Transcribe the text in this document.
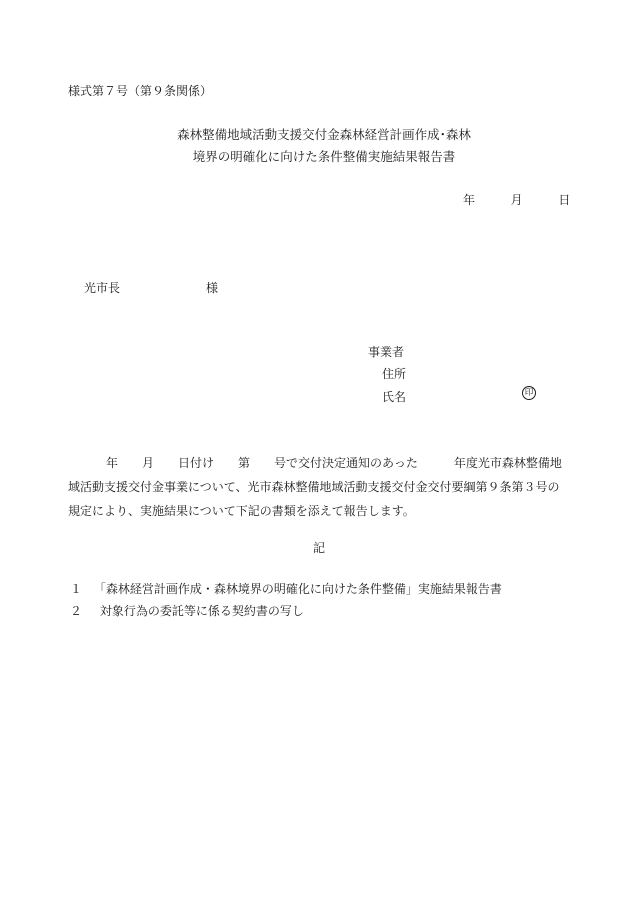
様式第７号（第９条関係）
森林整備地域活動支援交付金森林経営計画作成･森林
境界の明確化に向けた条件整備実施結果報告書
年	月	日
光市長	様
事業者
住所
氏名	印
年　　月　　日付け　　第　　号で交付決定通知のあった　　　年度光市森林整備地
域活動支援交付金事業について、光市森林整備地域活動支援交付金交付要綱第９条第３号の
規定により、実施結果について下記の書類を添えて報告します。
記
１ 「森林経営計画作成・森林境界の明確化に向けた条件整備」実施結果報告書
２ 対象行為の委託等に係る契約書の写し
